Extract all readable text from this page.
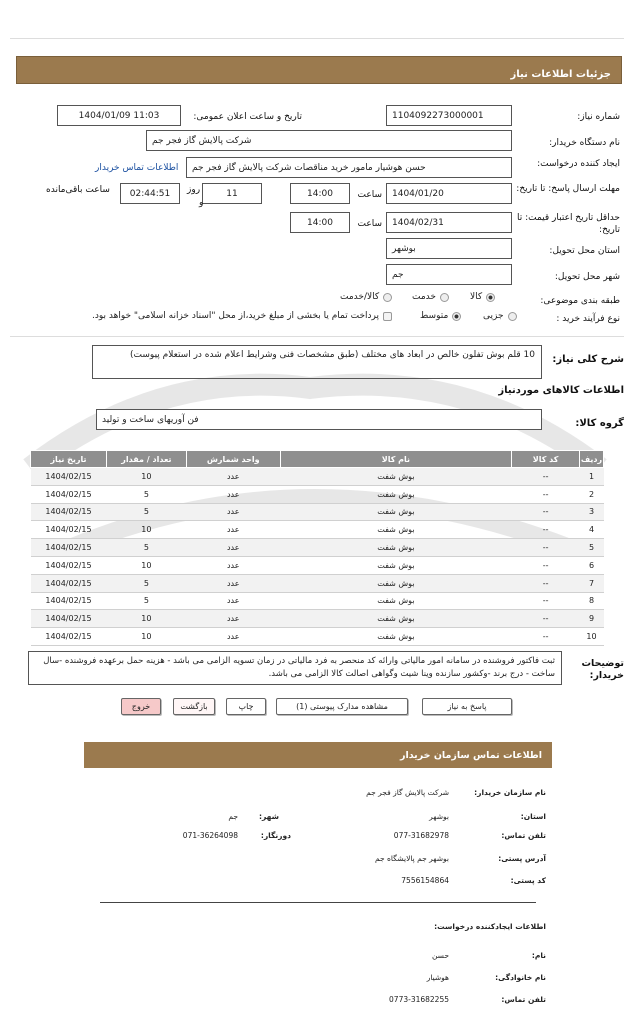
جزئیات اطلاعات نیاز
شماره نیاز:
1104092273000001
تاریخ و ساعت اعلان عمومی:
1404/01/09 11:03
نام دستگاه خریدار:
شرکت پالایش گاز فجر جم
ایجاد کننده درخواست:
حسن هوشیار مامور خرید مناقصات شرکت پالایش گاز فجر جم
اطلاعات تماس خریدار
مهلت ارسال پاسخ: تا تاریخ:
1404/01/20
ساعت
14:00
11
روز
و
02:44:51
ساعت باقی‌مانده
حداقل تاریخ اعتبار قیمت: تا تاریخ:
1404/02/31
ساعت
14:00
استان محل تحویل:
بوشهر
شهر محل تحویل:
جم
طبقه بندی موضوعی:
کالا
خدمت
کالا/خدمت
نوع فرآیند خرید :
جزیی
متوسط
پرداخت تمام یا بخشی از مبلغ خرید،از محل "اسناد خزانه اسلامی" خواهد بود.
شرح کلی نیاز:
10 قلم بوش تفلون خالص در ابعاد های مختلف (طبق مشخصات فنی وشرایط اعلام شده در استعلام پیوست)
اطلاعات کالاهای موردنیاز
گروه کالا:
فن آوریهای ساخت و تولید
ردیف	کد کالا	نام کالا	واحد شمارش	تعداد / مقدار	تاریخ نیاز
1	--	بوش شفت	عدد	10	1404/02/15
2	--	بوش شفت	عدد	5	1404/02/15
3	--	بوش شفت	عدد	5	1404/02/15
4	--	بوش شفت	عدد	10	1404/02/15
5	--	بوش شفت	عدد	5	1404/02/15
6	--	بوش شفت	عدد	10	1404/02/15
7	--	بوش شفت	عدد	5	1404/02/15
8	--	بوش شفت	عدد	5	1404/02/15
9	--	بوش شفت	عدد	10	1404/02/15
10	--	بوش شفت	عدد	10	1404/02/15
توضیحات خریدار:
ثبت فاکتور فروشنده در سامانه امور مالیاتی وارائه کد منحصر به فرد مالیاتی در زمان تسویه الزامی می باشد - هزینه حمل برعهده فروشنده -سال ساخت - درج برند -وکشور سازنده وینا شیت وگواهی اصالت کالا الزامی می باشد.
پاسخ به نیاز
مشاهده مدارک پیوستی (1)
چاپ
بازگشت
خروج
اطلاعات تماس سازمان خریدار
نام سازمان خریدار:
شرکت پالایش گاز فجر جم
استان:
بوشهر
شهر:
جم
تلفن تماس:
077-31682978
دورنگار:
071-36264098
آدرس پستی:
بوشهر جم پالایشگاه جم
کد پستی:
7556154864
اطلاعات ایجادکننده درخواست:
نام:
حسن
نام خانوادگی:
هوشیار
تلفن تماس:
0773-31682255
